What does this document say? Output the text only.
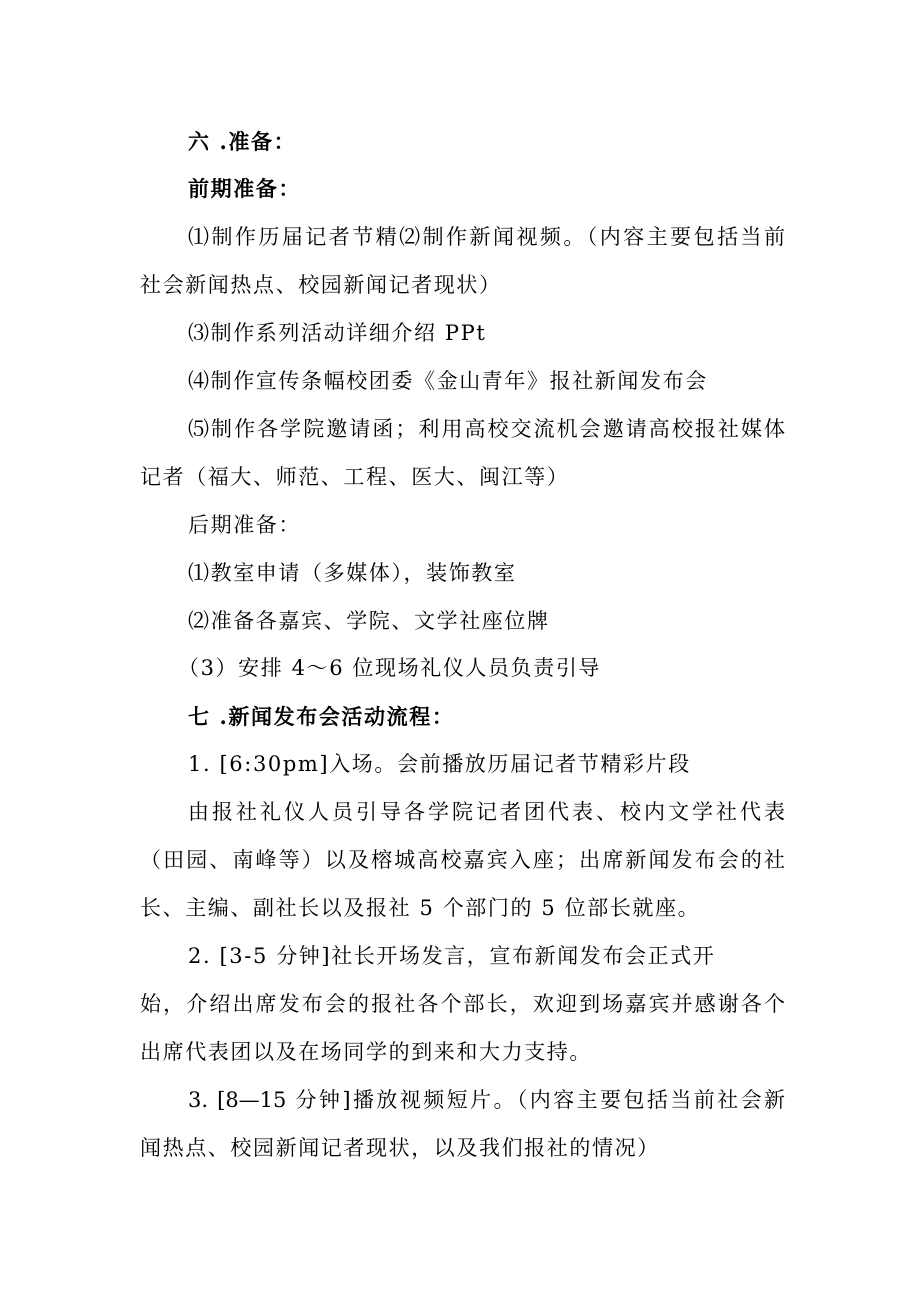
六 .准备：
前期准备：
⑴制作历届记者节精⑵制作新闻视频。（内容主要包括当前
社会新闻热点、校园新闻记者现状）
⑶制作系列活动详细介绍 PPt
⑷制作宣传条幅校团委《金山青年》报社新闻发布会
⑸制作各学院邀请函；利用高校交流机会邀请高校报社媒体
记者（福大、师范、工程、医大、闽江等）
后期准备：
⑴教室申请（多媒体），装饰教室
⑵准备各嘉宾、学院、文学社座位牌
（3）安排 4～6 位现场礼仪人员负责引导
七 .新闻发布会活动流程：
1. [6:30pm]入场。会前播放历届记者节精彩片段
由报社礼仪人员引导各学院记者团代表、校内文学社代表
（田园、南峰等）以及榕城高校嘉宾入座；出席新闻发布会的社
长、主编、副社长以及报社 5 个部门的 5 位部长就座。
2. [3-5 分钟]社长开场发言，宣布新闻发布会正式开
始，介绍出席发布会的报社各个部长，欢迎到场嘉宾并感谢各个
出席代表团以及在场同学的到来和大力支持。
3. [8—15 分钟]播放视频短片。（内容主要包括当前社会新
闻热点、校园新闻记者现状，以及我们报社的情况）
